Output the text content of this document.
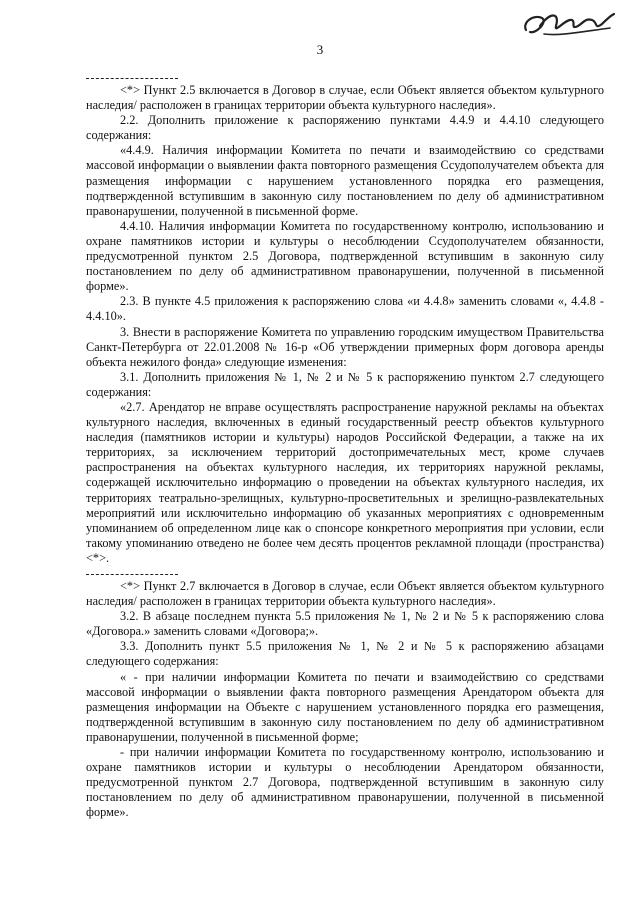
3

<*> Пункт 2.5 включается в Договор в случае, если Объект является объектом культурного наследия/ расположен в границах территории объекта культурного наследия».

2.2. Дополнить приложение к распоряжению пунктами 4.4.9 и 4.4.10 следующего содержания:

«4.4.9. Наличия информации Комитета по печати и взаимодействию со средствами массовой информации о выявлении факта повторного размещения Ссудополучателем объекта для размещения информации с нарушением установленного порядка его размещения, подтвержденной вступившим в законную силу постановлением по делу об административном правонарушении, полученной в письменной форме.

4.4.10. Наличия информации Комитета по государственному контролю, использованию и охране памятников истории и культуры о несоблюдении Ссудополучателем обязанности, предусмотренной пунктом 2.5 Договора, подтвержденной вступившим в законную силу постановлением по делу об административном правонарушении, полученной в письменной форме».

2.3. В пункте 4.5 приложения к распоряжению слова «и 4.4.8» заменить словами «, 4.4.8 - 4.4.10».

3. Внести в распоряжение Комитета по управлению городским имуществом Правительства Санкт-Петербурга от 22.01.2008 № 16-р «Об утверждении примерных форм договора аренды объекта нежилого фонда» следующие изменения:

3.1. Дополнить приложения № 1, № 2 и № 5 к распоряжению пунктом 2.7 следующего содержания:

«2.7. Арендатор не вправе осуществлять распространение наружной рекламы на объектах культурного наследия, включенных в единый государственный реестр объектов культурного наследия (памятников истории и культуры) народов Российской Федерации, а также на их территориях, за исключением территорий достопримечательных мест, кроме случаев распространения на объектах культурного наследия, их территориях наружной рекламы, содержащей исключительно информацию о проведении на объектах культурного наследия, их территориях театрально-зрелищных, культурно-просветительных и зрелищно-развлекательных мероприятий или исключительно информацию об указанных мероприятиях с одновременным упоминанием об определенном лице как о спонсоре конкретного мероприятия при условии, если такому упоминанию отведено не более чем десять процентов рекламной площади (пространства) <*>.

<*> Пункт 2.7 включается в Договор в случае, если Объект является объектом культурного наследия/ расположен в границах территории объекта культурного наследия».

3.2. В абзаце последнем пункта 5.5 приложения № 1, № 2 и № 5 к распоряжению слова «Договора.» заменить словами «Договора;».

3.3. Дополнить пункт 5.5 приложения № 1, № 2 и № 5 к распоряжению абзацами следующего содержания:

« - при наличии информации Комитета по печати и взаимодействию со средствами массовой информации о выявлении факта повторного размещения Арендатором объекта для размещения информации на Объекте с нарушением установленного порядка его размещения, подтвержденной вступившим в законную силу постановлением по делу об административном правонарушении, полученной в письменной форме;

- при наличии информации Комитета по государственному контролю, использованию и охране памятников истории и культуры о несоблюдении Арендатором обязанности, предусмотренной пунктом 2.7 Договора, подтвержденной вступившим в законную силу постановлением по делу об административном правонарушении, полученной в письменной форме».
